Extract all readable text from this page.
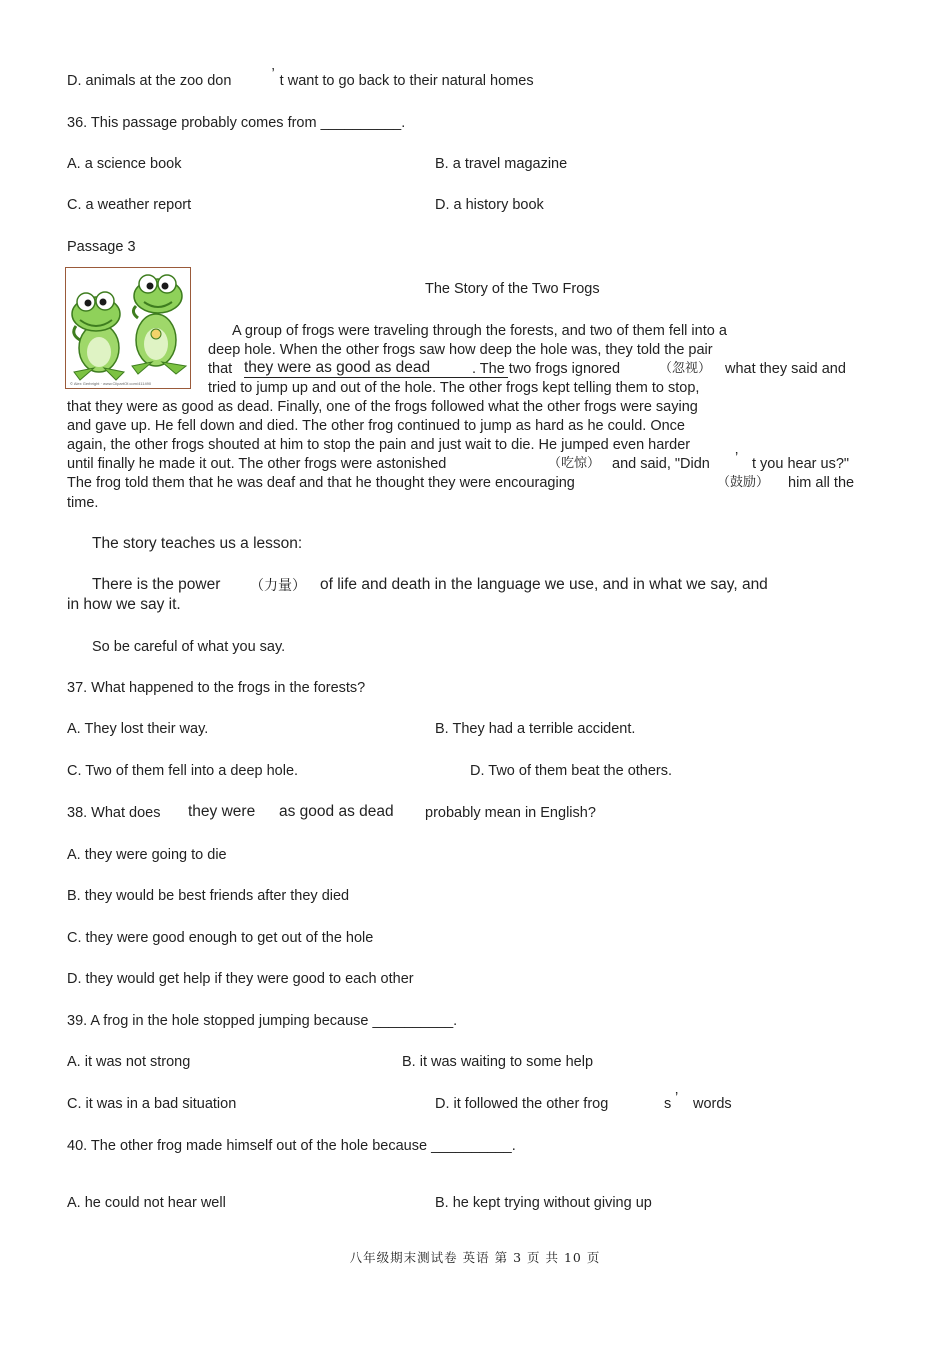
D. animals at the zoo don	’ t want to go back to their natural homes
36. This passage probably comes from __________.
A. a science book	B. a travel magazine
C. a weather report	D. a history book
Passage 3
© Alex Gerbright · www.ClipartOf.com/411490
The Story of the Two Frogs
A group of frogs were traveling through the forests, and two of them fell into a
deep hole. When the other frogs saw how deep the hole was, they told the pair
that they were as good as dead	. The two frogs ignored	（忽视） what they said and
tried to jump up and out of the hole. The other frogs kept telling them to stop,
that they were as good as dead. Finally, one of the frogs followed what the other frogs were saying
and gave up. He fell down and died. The other frog continued to jump as hard as he could. Once
again, the other frogs shouted at him to stop the pain and just wait to die. He jumped even harder
until finally he made it out. The other frogs were astonished	（吃惊） and said, "Didn ’ t you hear us?"
The frog told them that he was deaf and that he thought they were encouraging	（鼓励） him all the
time.
The story teaches us a lesson:
There is the power （力量） of life and death in the language we use, and in what we say, and
in how we say it.
So be careful of what you say.
37. What happened to the frogs in the forests?
A. They lost their way.	B. They had a terrible accident.
C. Two of them fell into a deep hole.	D. Two of them beat the others.
38. What does they were as good as dead probably mean in English?
A. they were going to die
B. they would be best friends after they died
C. they were good enough to get out of the hole
D. they would get help if they were good to each other
39. A frog in the hole stopped jumping because __________.
A. it was not strong	B. it was waiting to some help
C. it was in a bad situation	D. it followed the other frog	s ’ words
40. The other frog made himself out of the hole because __________.
A. he could not hear well	B. he kept trying without giving up
八年级期末测试卷 英语 第 3 页 共 10 页
